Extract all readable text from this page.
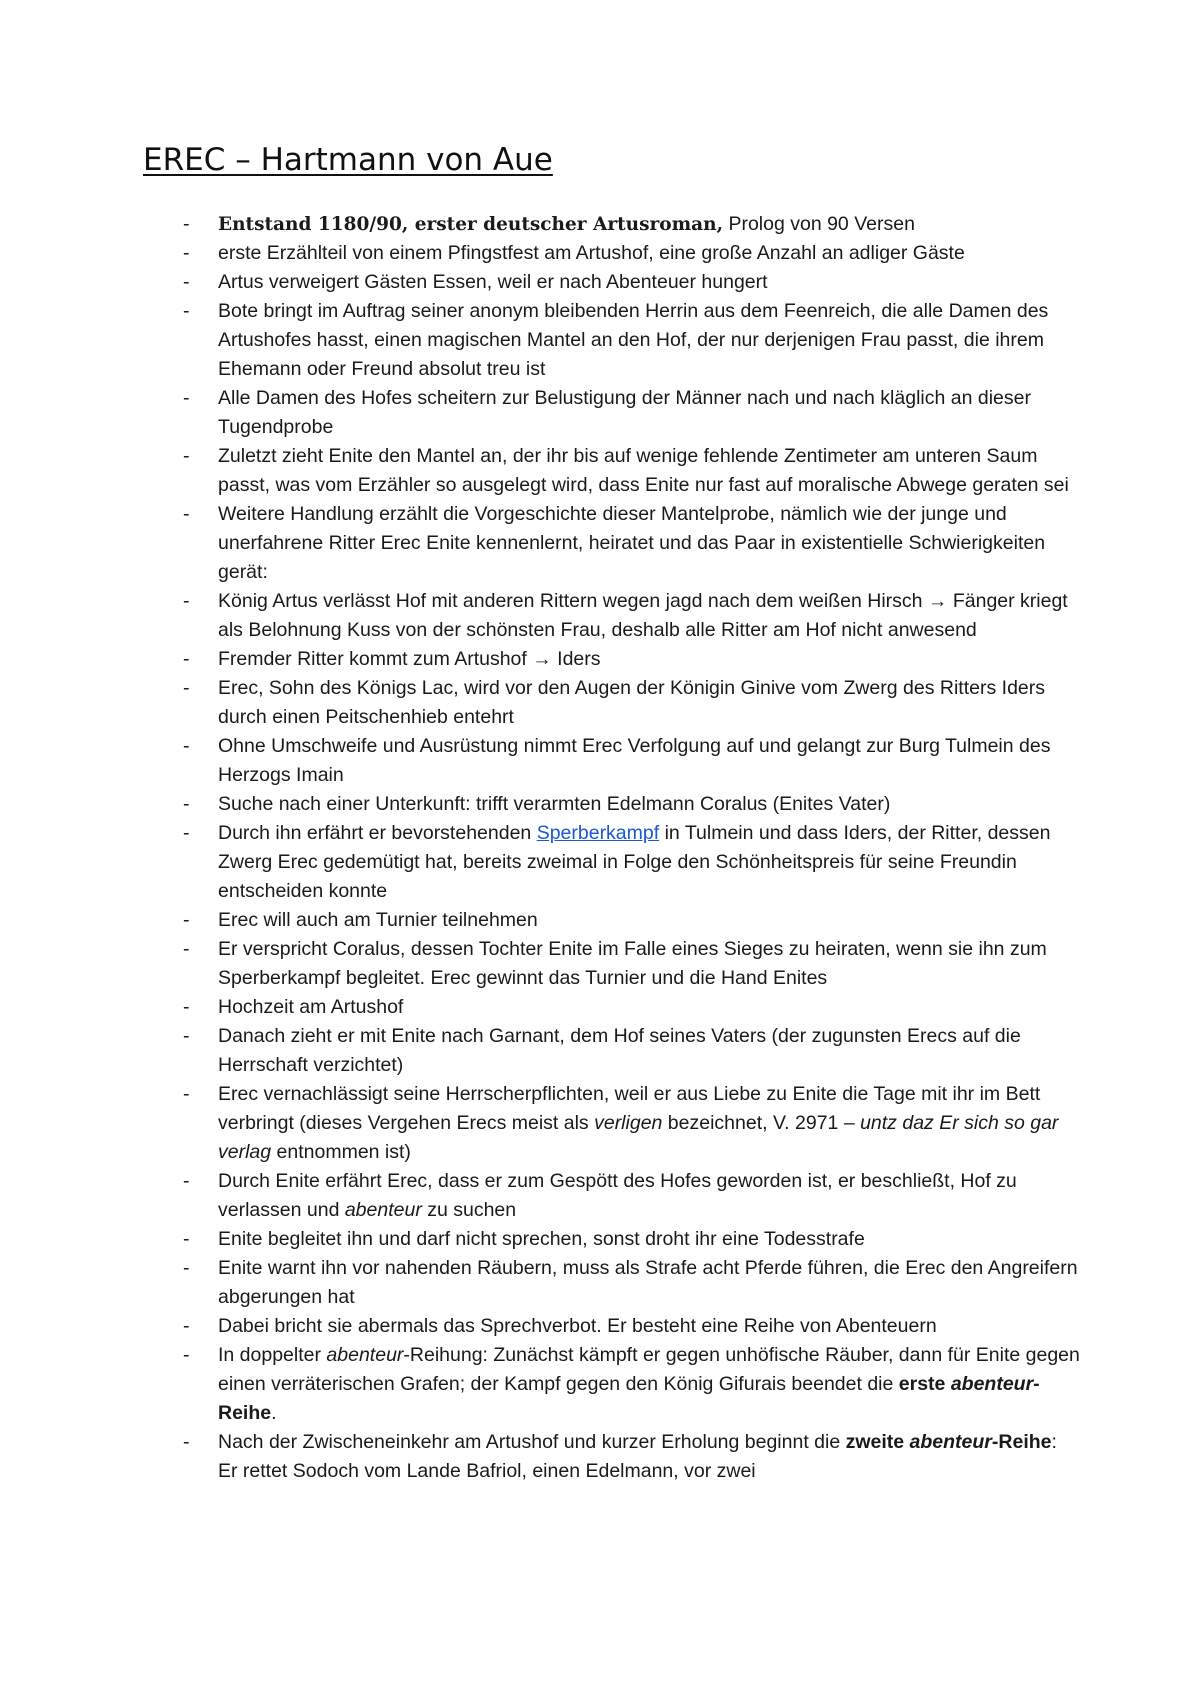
EREC – Hartmann von Aue
- Entstand 1180/90, erster deutscher Artusroman, Prolog von 90 Versen
- erste Erzählteil von einem Pfingstfest am Artushof, eine große Anzahl an adliger Gäste
- Artus verweigert Gästen Essen, weil er nach Abenteuer hungert
- Bote bringt im Auftrag seiner anonym bleibenden Herrin aus dem Feenreich, die alle Damen des Artushofes hasst, einen magischen Mantel an den Hof, der nur derjenigen Frau passt, die ihrem Ehemann oder Freund absolut treu ist
- Alle Damen des Hofes scheitern zur Belustigung der Männer nach und nach kläglich an dieser Tugendprobe
- Zuletzt zieht Enite den Mantel an, der ihr bis auf wenige fehlende Zentimeter am unteren Saum passt, was vom Erzähler so ausgelegt wird, dass Enite nur fast auf moralische Abwege geraten sei
- Weitere Handlung erzählt die Vorgeschichte dieser Mantelprobe, nämlich wie der junge und unerfahrene Ritter Erec Enite kennenlernt, heiratet und das Paar in existentielle Schwierigkeiten gerät:
- König Artus verlässt Hof mit anderen Rittern wegen jagd nach dem weißen Hirsch → Fänger kriegt als Belohnung Kuss von der schönsten Frau, deshalb alle Ritter am Hof nicht anwesend
- Fremder Ritter kommt zum Artushof → Iders
- Erec, Sohn des Königs Lac, wird vor den Augen der Königin Ginive vom Zwerg des Ritters Iders durch einen Peitschenhieb entehrt
- Ohne Umschweife und Ausrüstung nimmt Erec Verfolgung auf und gelangt zur Burg Tulmein des Herzogs Imain
- Suche nach einer Unterkunft: trifft verarmten Edelmann Coralus (Enites Vater)
- Durch ihn erfährt er bevorstehenden Sperberkampf in Tulmein und dass Iders, der Ritter, dessen Zwerg Erec gedemütigt hat, bereits zweimal in Folge den Schönheitspreis für seine Freundin entscheiden konnte
- Erec will auch am Turnier teilnehmen
- Er verspricht Coralus, dessen Tochter Enite im Falle eines Sieges zu heiraten, wenn sie ihn zum Sperberkampf begleitet. Erec gewinnt das Turnier und die Hand Enites
- Hochzeit am Artushof
- Danach zieht er mit Enite nach Garnant, dem Hof seines Vaters (der zugunsten Erecs auf die Herrschaft verzichtet)
- Erec vernachlässigt seine Herrscherpflichten, weil er aus Liebe zu Enite die Tage mit ihr im Bett verbringt (dieses Vergehen Erecs meist als verligen bezeichnet, V. 2971 – untz daz Er sich so gar verlag entnommen ist)
- Durch Enite erfährt Erec, dass er zum Gespött des Hofes geworden ist, er beschließt, Hof zu verlassen und abenteur zu suchen
- Enite begleitet ihn und darf nicht sprechen, sonst droht ihr eine Todesstrafe
- Enite warnt ihn vor nahenden Räubern, muss als Strafe acht Pferde führen, die Erec den Angreifern abgerungen hat
- Dabei bricht sie abermals das Sprechverbot. Er besteht eine Reihe von Abenteuern
- In doppelter abenteur-Reihung: Zunächst kämpft er gegen unhöfische Räuber, dann für Enite gegen einen verräterischen Grafen; der Kampf gegen den König Gifurais beendet die erste abenteur-Reihe.
- Nach der Zwischeneinkehr am Artushof und kurzer Erholung beginnt die zweite abenteur-Reihe: Er rettet Sodoch vom Lande Bafriol, einen Edelmann, vor zwei
